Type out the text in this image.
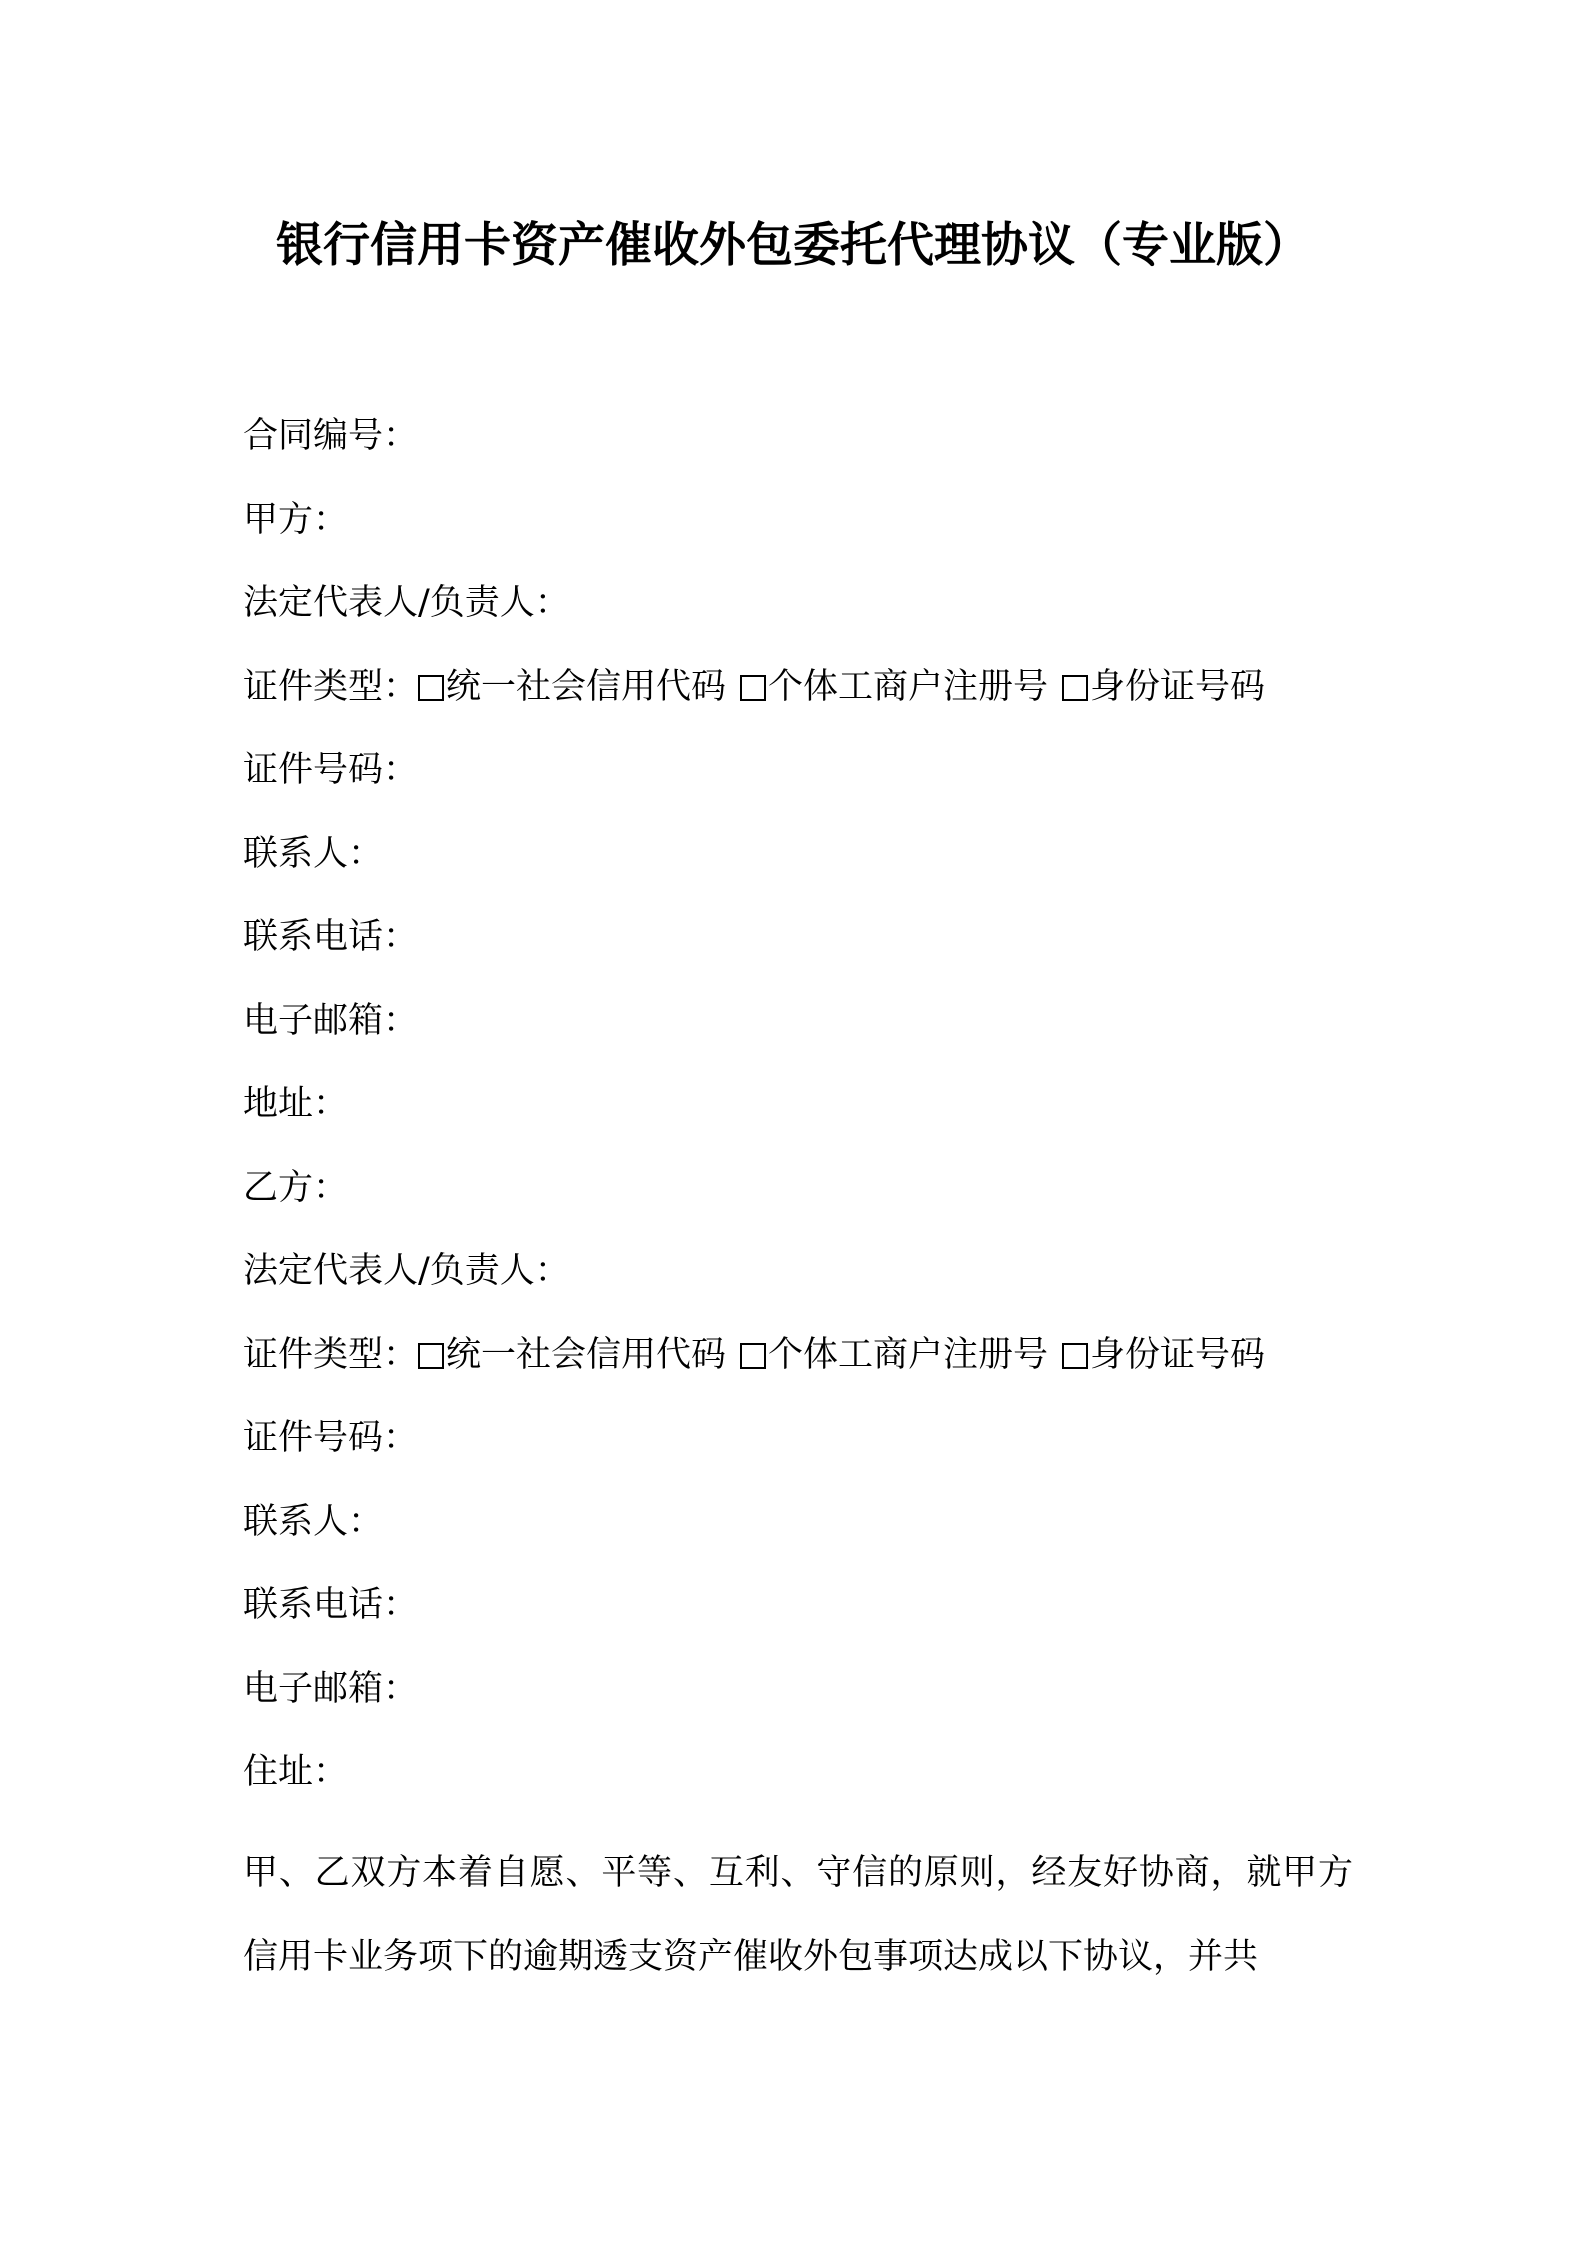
银行信用卡资产催收外包委托代理协议（专业版）
合同编号：
甲方：
法定代表人/负责人：
证件类型： 统一社会信用代码 个体工商户注册号 身份证号码
证件号码：
联系人：
联系电话：
电子邮箱：
地址：
乙方：
法定代表人/负责人：
证件类型： 统一社会信用代码 个体工商户注册号 身份证号码
证件号码：
联系人：
联系电话：
电子邮箱：
住址：
甲、乙双方本着自愿、平等、互利、守信的原则，经友好协商，就甲方信用卡业务项下的逾期透支资产催收外包事项达成以下协议，并共
